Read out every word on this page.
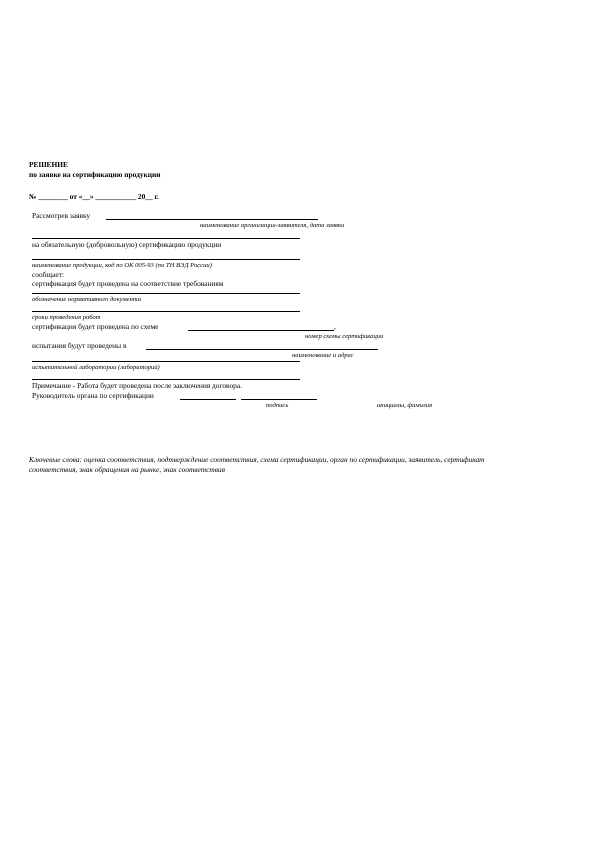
РЕШЕНИЕ
по заявке на сертификацию продукции
№ ________ от «__» ___________ 20__ г.
Рассмотрев заявку
наименование организации-заявителя, дата заявки
на обязательную (добровольную) сертификацию продукции
наименование продукции, код по ОК 005-93 (по ТН ВЭД России)
сообщает:
сертификация будет проведена на соответствие требованиям
обозначение нормативного документа
сроки проведения работ
сертификация будет проведена по схеме	,
номер схемы сертификации
испытания будут проведены в
наименование и адрес
испытательной лаборатории (лабораторий)
Примечание - Работа будет проведена после заключения договора.
Руководитель органа по сертификации
подпись	инициалы, фамилия
Ключевые слова: оценка соответствия, подтверждение соответствия, схема сертификации, орган по сертификации, заявитель, сертификат
соответствия, знак обращения на рынке, знак соответствия
